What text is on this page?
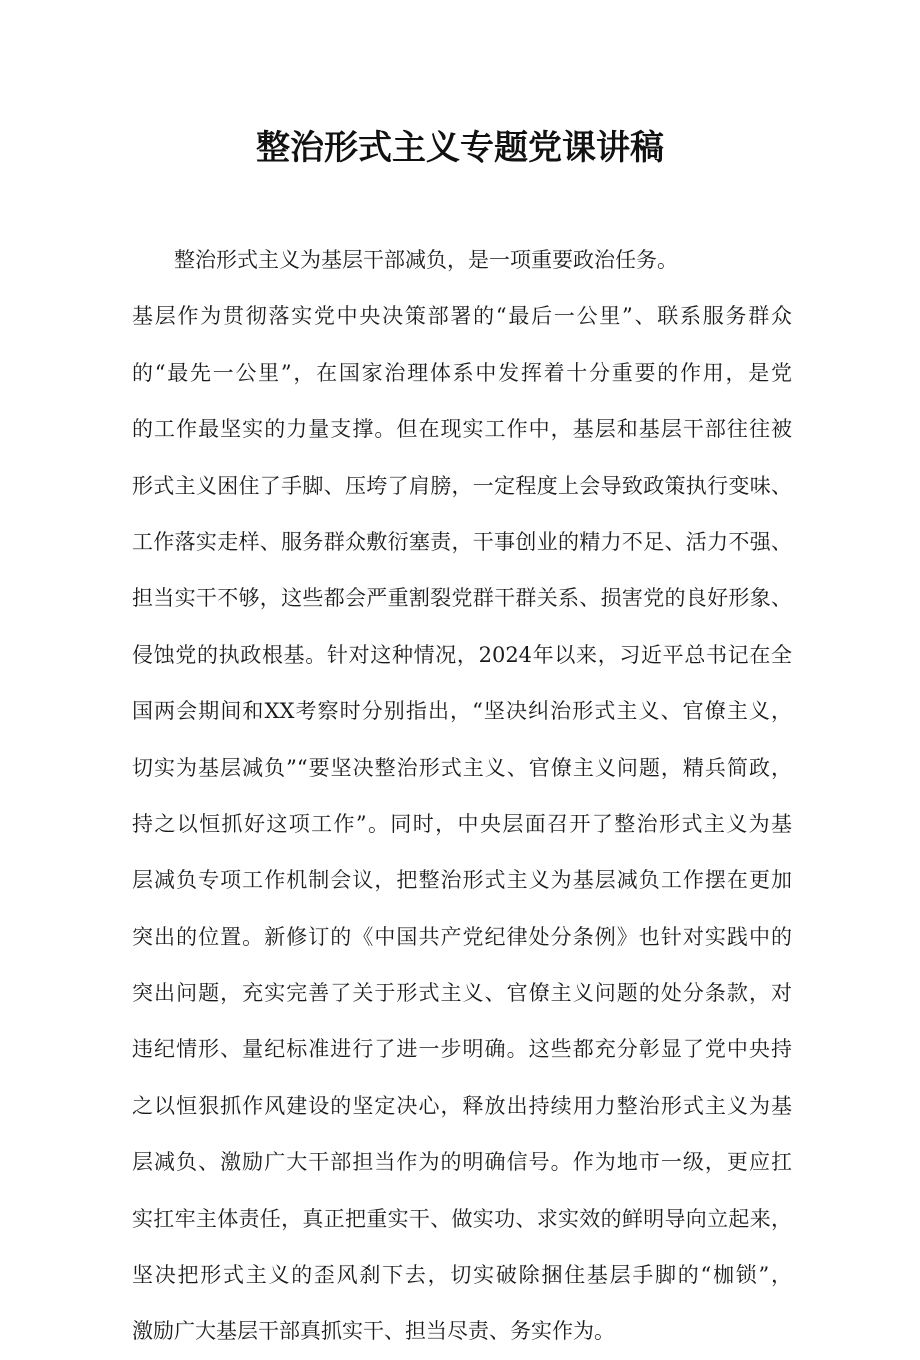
整治形式主义专题党课讲稿
整治形式主义为基层干部减负，是一项重要政治任务。
基层作为贯彻落实党中央决策部署的“最后一公里”、联系服务群众
的“最先一公里”，在国家治理体系中发挥着十分重要的作用，是党
的工作最坚实的力量支撑。但在现实工作中，基层和基层干部往往被
形式主义困住了手脚、压垮了肩膀，一定程度上会导致政策执行变味、
工作落实走样、服务群众敷衍塞责，干事创业的精力不足、活力不强、
担当实干不够，这些都会严重割裂党群干群关系、损害党的良好形象、
侵蚀党的执政根基。针对这种情况，2024年以来，习近平总书记在全
国两会期间和XX考察时分别指出，“坚决纠治形式主义、官僚主义，
切实为基层减负”“要坚决整治形式主义、官僚主义问题，精兵简政，
持之以恒抓好这项工作”。同时，中央层面召开了整治形式主义为基
层减负专项工作机制会议，把整治形式主义为基层减负工作摆在更加
突出的位置。新修订的《中国共产党纪律处分条例》也针对实践中的
突出问题，充实完善了关于形式主义、官僚主义问题的处分条款，对
违纪情形、量纪标准进行了进一步明确。这些都充分彰显了党中央持
之以恒狠抓作风建设的坚定决心，释放出持续用力整治形式主义为基
层减负、激励广大干部担当作为的明确信号。作为地市一级，更应扛
实扛牢主体责任，真正把重实干、做实功、求实效的鲜明导向立起来，
坚决把形式主义的歪风刹下去，切实破除捆住基层手脚的“枷锁”，
激励广大基层干部真抓实干、担当尽责、务实作为。
